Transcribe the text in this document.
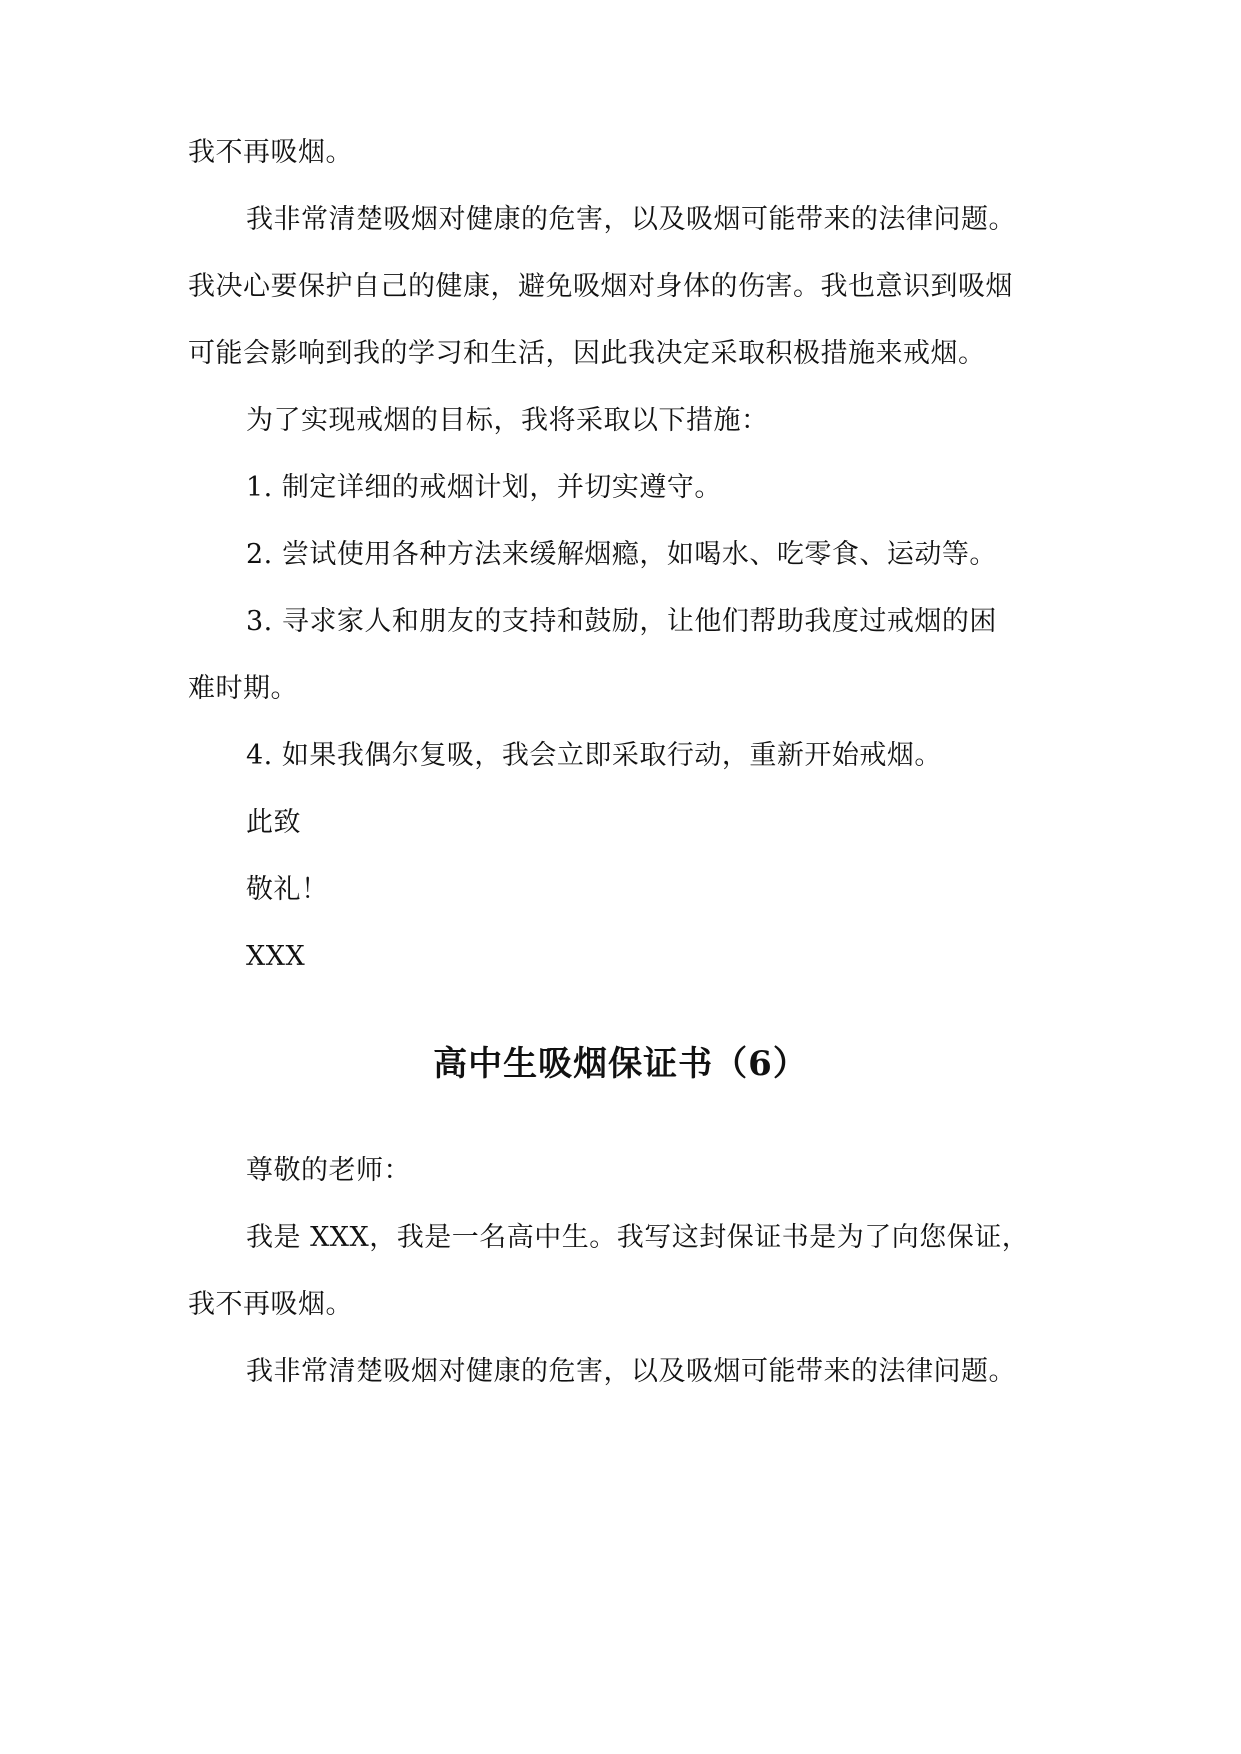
我不再吸烟。
我非常清楚吸烟对健康的危害，以及吸烟可能带来的法律问题。
我决心要保护自己的健康，避免吸烟对身体的伤害。我也意识到吸烟
可能会影响到我的学习和生活，因此我决定采取积极措施来戒烟。
为了实现戒烟的目标，我将采取以下措施：
1. 制定详细的戒烟计划，并切实遵守。
2. 尝试使用各种方法来缓解烟瘾，如喝水、吃零食、运动等。
3. 寻求家人和朋友的支持和鼓励，让他们帮助我度过戒烟的困
难时期。
4. 如果我偶尔复吸，我会立即采取行动，重新开始戒烟。
此致
敬礼！
XXX
高中生吸烟保证书（6）
尊敬的老师：
我是 XXX，我是一名高中生。我写这封保证书是为了向您保证，
我不再吸烟。
我非常清楚吸烟对健康的危害，以及吸烟可能带来的法律问题。
